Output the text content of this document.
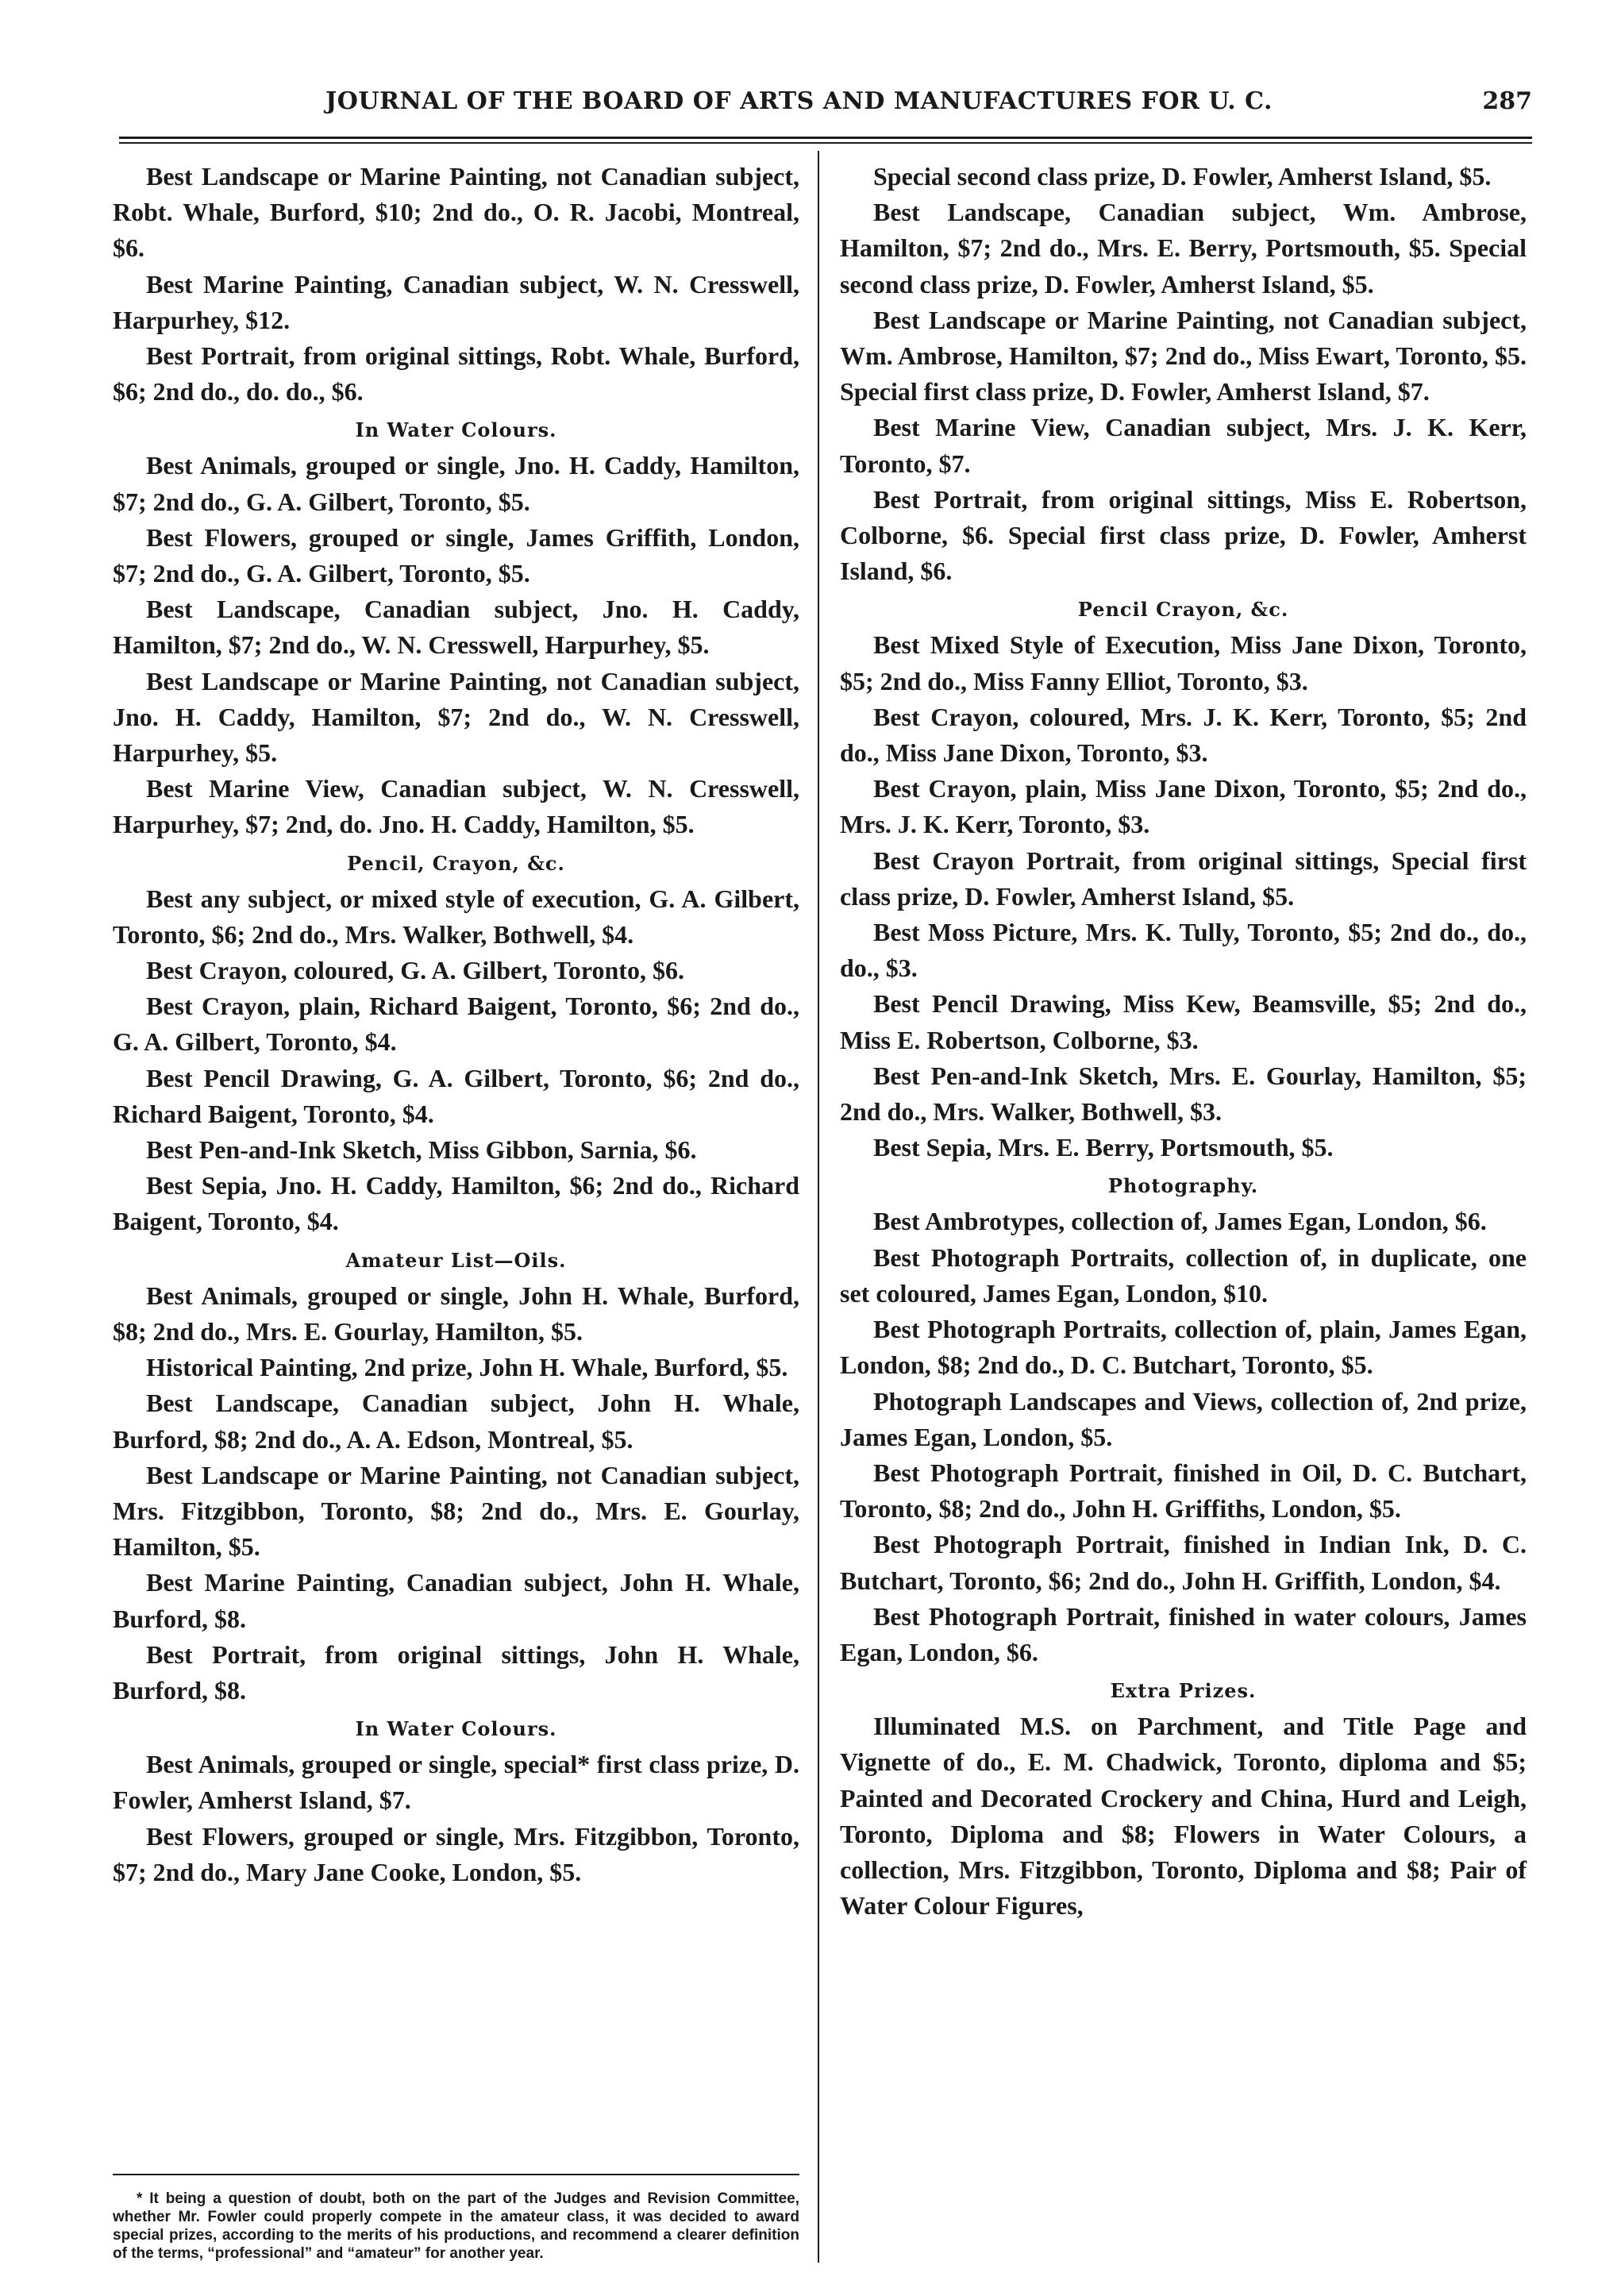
JOURNAL OF THE BOARD OF ARTS AND MANUFACTURES FOR U. C.	287

Best Landscape or Marine Painting, not Canadian subject, Robt. Whale, Burford, $10; 2nd do., O. R. Jacobi, Montreal, $6.

Best Marine Painting, Canadian subject, W. N. Cresswell, Harpurhey, $12.

Best Portrait, from original sittings, Robt. Whale, Burford, $6; 2nd do., do. do., $6.

In Water Colours.

Best Animals, grouped or single, Jno. H. Caddy, Hamilton, $7; 2nd do., G. A. Gilbert, Toronto, $5.

Best Flowers, grouped or single, James Griffith, London, $7; 2nd do., G. A. Gilbert, Toronto, $5.

Best Landscape, Canadian subject, Jno. H. Caddy, Hamilton, $7; 2nd do., W. N. Cresswell, Harpurhey, $5.

Best Landscape or Marine Painting, not Canadian subject, Jno. H. Caddy, Hamilton, $7; 2nd do., W. N. Cresswell, Harpurhey, $5.

Best Marine View, Canadian subject, W. N. Cresswell, Harpurhey, $7; 2nd, do. Jno. H. Caddy, Hamilton, $5.

Pencil, Crayon, &c.

Best any subject, or mixed style of execution, G. A. Gilbert, Toronto, $6; 2nd do., Mrs. Walker, Bothwell, $4.

Best Crayon, coloured, G. A. Gilbert, Toronto, $6.

Best Crayon, plain, Richard Baigent, Toronto, $6; 2nd do., G. A. Gilbert, Toronto, $4.

Best Pencil Drawing, G. A. Gilbert, Toronto, $6; 2nd do., Richard Baigent, Toronto, $4.

Best Pen-and-Ink Sketch, Miss Gibbon, Sarnia, $6.

Best Sepia, Jno. H. Caddy, Hamilton, $6; 2nd do., Richard Baigent, Toronto, $4.

Amateur List—Oils.

Best Animals, grouped or single, John H. Whale, Burford, $8; 2nd do., Mrs. E. Gourlay, Hamilton, $5.

Historical Painting, 2nd prize, John H. Whale, Burford, $5.

Best Landscape, Canadian subject, John H. Whale, Burford, $8; 2nd do., A. A. Edson, Montreal, $5.

Best Landscape or Marine Painting, not Canadian subject, Mrs. Fitzgibbon, Toronto, $8; 2nd do., Mrs. E. Gourlay, Hamilton, $5.

Best Marine Painting, Canadian subject, John H. Whale, Burford, $8.

Best Portrait, from original sittings, John H. Whale, Burford, $8.

In Water Colours.

Best Animals, grouped or single, special* first class prize, D. Fowler, Amherst Island, $7.

Best Flowers, grouped or single, Mrs. Fitzgibbon, Toronto, $7; 2nd do., Mary Jane Cooke, London, $5.

Special second class prize, D. Fowler, Amherst Island, $5.

Best Landscape, Canadian subject, Wm. Ambrose, Hamilton, $7; 2nd do., Mrs. E. Berry, Portsmouth, $5. Special second class prize, D. Fowler, Amherst Island, $5.

Best Landscape or Marine Painting, not Canadian subject, Wm. Ambrose, Hamilton, $7; 2nd do., Miss Ewart, Toronto, $5. Special first class prize, D. Fowler, Amherst Island, $7.

Best Marine View, Canadian subject, Mrs. J. K. Kerr, Toronto, $7.

Best Portrait, from original sittings, Miss E. Robertson, Colborne, $6. Special first class prize, D. Fowler, Amherst Island, $6.

Pencil Crayon, &c.

Best Mixed Style of Execution, Miss Jane Dixon, Toronto, $5; 2nd do., Miss Fanny Elliot, Toronto, $3.

Best Crayon, coloured, Mrs. J. K. Kerr, Toronto, $5; 2nd do., Miss Jane Dixon, Toronto, $3.

Best Crayon, plain, Miss Jane Dixon, Toronto, $5; 2nd do., Mrs. J. K. Kerr, Toronto, $3.

Best Crayon Portrait, from original sittings, Special first class prize, D. Fowler, Amherst Island, $5.

Best Moss Picture, Mrs. K. Tully, Toronto, $5; 2nd do., do., do., $3.

Best Pencil Drawing, Miss Kew, Beamsville, $5; 2nd do., Miss E. Robertson, Colborne, $3.

Best Pen-and-Ink Sketch, Mrs. E. Gourlay, Hamilton, $5; 2nd do., Mrs. Walker, Bothwell, $3.

Best Sepia, Mrs. E. Berry, Portsmouth, $5.

Photography.

Best Ambrotypes, collection of, James Egan, London, $6.

Best Photograph Portraits, collection of, in duplicate, one set coloured, James Egan, London, $10.

Best Photograph Portraits, collection of, plain, James Egan, London, $8; 2nd do., D. C. Butchart, Toronto, $5.

Photograph Landscapes and Views, collection of, 2nd prize, James Egan, London, $5.

Best Photograph Portrait, finished in Oil, D. C. Butchart, Toronto, $8; 2nd do., John H. Griffiths, London, $5.

Best Photograph Portrait, finished in Indian Ink, D. C. Butchart, Toronto, $6; 2nd do., John H. Griffith, London, $4.

Best Photograph Portrait, finished in water colours, James Egan, London, $6.

Extra Prizes.

Illuminated M.S. on Parchment, and Title Page and Vignette of do., E. M. Chadwick, Toronto, diploma and $5; Painted and Decorated Crockery and China, Hurd and Leigh, Toronto, Diploma and $8; Flowers in Water Colours, a collection, Mrs. Fitzgibbon, Toronto, Diploma and $8; Pair of Water Colour Figures,

* It being a question of doubt, both on the part of the Judges and Revision Committee, whether Mr. Fowler could properly compete in the amateur class, it was decided to award special prizes, according to the merits of his productions, and recommend a clearer definition of the terms, “professional” and “amateur” for another year.
